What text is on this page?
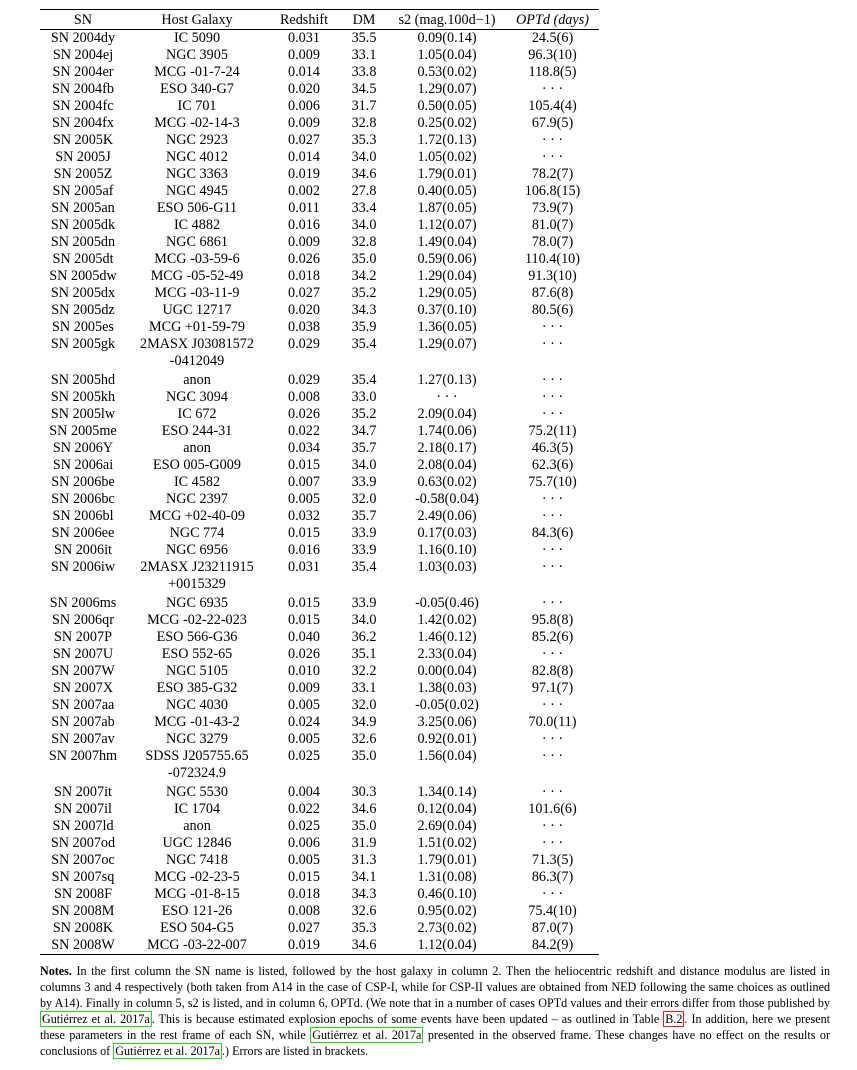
SN	Host Galaxy	Redshift	DM	s2 (mag.100d−1)	OPTd (days)
SN 2004dy	IC 5090	0.031	35.5	0.09(0.14)	24.5(6)
SN 2004ej	NGC 3905	0.009	33.1	1.05(0.04)	96.3(10)
SN 2004er	MCG -01-7-24	0.014	33.8	0.53(0.02)	118.8(5)
SN 2004fb	ESO 340-G7	0.020	34.5	1.29(0.07)	· · ·
SN 2004fc	IC 701	0.006	31.7	0.50(0.05)	105.4(4)
SN 2004fx	MCG -02-14-3	0.009	32.8	0.25(0.02)	67.9(5)
SN 2005K	NGC 2923	0.027	35.3	1.72(0.13)	· · ·
SN 2005J	NGC 4012	0.014	34.0	1.05(0.02)	· · ·
SN 2005Z	NGC 3363	0.019	34.6	1.79(0.01)	78.2(7)
SN 2005af	NGC 4945	0.002	27.8	0.40(0.05)	106.8(15)
SN 2005an	ESO 506-G11	0.011	33.4	1.87(0.05)	73.9(7)
SN 2005dk	IC 4882	0.016	34.0	1.12(0.07)	81.0(7)
SN 2005dn	NGC 6861	0.009	32.8	1.49(0.04)	78.0(7)
SN 2005dt	MCG -03-59-6	0.026	35.0	0.59(0.06)	110.4(10)
SN 2005dw	MCG -05-52-49	0.018	34.2	1.29(0.04)	91.3(10)
SN 2005dx	MCG -03-11-9	0.027	35.2	1.29(0.05)	87.6(8)
SN 2005dz	UGC 12717	0.020	34.3	0.37(0.10)	80.5(6)
SN 2005es	MCG +01-59-79	0.038	35.9	1.36(0.05)	· · ·
SN 2005gk	2MASX J03081572	0.029	35.4	1.29(0.07)	· · ·
	-0412049				
SN 2005hd	anon	0.029	35.4	1.27(0.13)	· · ·
SN 2005kh	NGC 3094	0.008	33.0	· · ·	· · ·
SN 2005lw	IC 672	0.026	35.2	2.09(0.04)	· · ·
SN 2005me	ESO 244-31	0.022	34.7	1.74(0.06)	75.2(11)
SN 2006Y	anon	0.034	35.7	2.18(0.17)	46.3(5)
SN 2006ai	ESO 005-G009	0.015	34.0	2.08(0.04)	62.3(6)
SN 2006be	IC 4582	0.007	33.9	0.63(0.02)	75.7(10)
SN 2006bc	NGC 2397	0.005	32.0	-0.58(0.04)	· · ·
SN 2006bl	MCG +02-40-09	0.032	35.7	2.49(0.06)	· · ·
SN 2006ee	NGC 774	0.015	33.9	0.17(0.03)	84.3(6)
SN 2006it	NGC 6956	0.016	33.9	1.16(0.10)	· · ·
SN 2006iw	2MASX J23211915	0.031	35.4	1.03(0.03)	· · ·
	+0015329				
SN 2006ms	NGC 6935	0.015	33.9	-0.05(0.46)	· · ·
SN 2006qr	MCG -02-22-023	0.015	34.0	1.42(0.02)	95.8(8)
SN 2007P	ESO 566-G36	0.040	36.2	1.46(0.12)	85.2(6)
SN 2007U	ESO 552-65	0.026	35.1	2.33(0.04)	· · ·
SN 2007W	NGC 5105	0.010	32.2	0.00(0.04)	82.8(8)
SN 2007X	ESO 385-G32	0.009	33.1	1.38(0.03)	97.1(7)
SN 2007aa	NGC 4030	0.005	32.0	-0.05(0.02)	· · ·
SN 2007ab	MCG -01-43-2	0.024	34.9	3.25(0.06)	70.0(11)
SN 2007av	NGC 3279	0.005	32.6	0.92(0.01)	· · ·
SN 2007hm	SDSS J205755.65	0.025	35.0	1.56(0.04)	· · ·
	-072324.9				
SN 2007it	NGC 5530	0.004	30.3	1.34(0.14)	· · ·
SN 2007il	IC 1704	0.022	34.6	0.12(0.04)	101.6(6)
SN 2007ld	anon	0.025	35.0	2.69(0.04)	· · ·
SN 2007od	UGC 12846	0.006	31.9	1.51(0.02)	· · ·
SN 2007oc	NGC 7418	0.005	31.3	1.79(0.01)	71.3(5)
SN 2007sq	MCG -02-23-5	0.015	34.1	1.31(0.08)	86.3(7)
SN 2008F	MCG -01-8-15	0.018	34.3	0.46(0.10)	· · ·
SN 2008M	ESO 121-26	0.008	32.6	0.95(0.02)	75.4(10)
SN 2008K	ESO 504-G5	0.027	35.3	2.73(0.02)	87.0(7)
SN 2008W	MCG -03-22-007	0.019	34.6	1.12(0.04)	84.2(9)
Notes. In the first column the SN name is listed, followed by the host galaxy in column 2. Then the heliocentric redshift and distance modulus are listed in columns 3 and 4 respectively (both taken from A14 in the case of CSP-I, while for CSP-II values are obtained from NED following the same choices as outlined by A14). Finally in column 5, s2 is listed, and in column 6, OPTd. (We note that in a number of cases OPTd values and their errors differ from those published by Gutiérrez et al. 2017a . This is because estimated explosion epochs of some events have been updated – as outlined in Table B.2 . In addition, here we present these parameters in the rest frame of each SN, while Gutiérrez et al. 2017a presented in the observed frame. These changes have no effect on the results or conclusions of Gutiérrez et al. 2017a .) Errors are listed in brackets.
